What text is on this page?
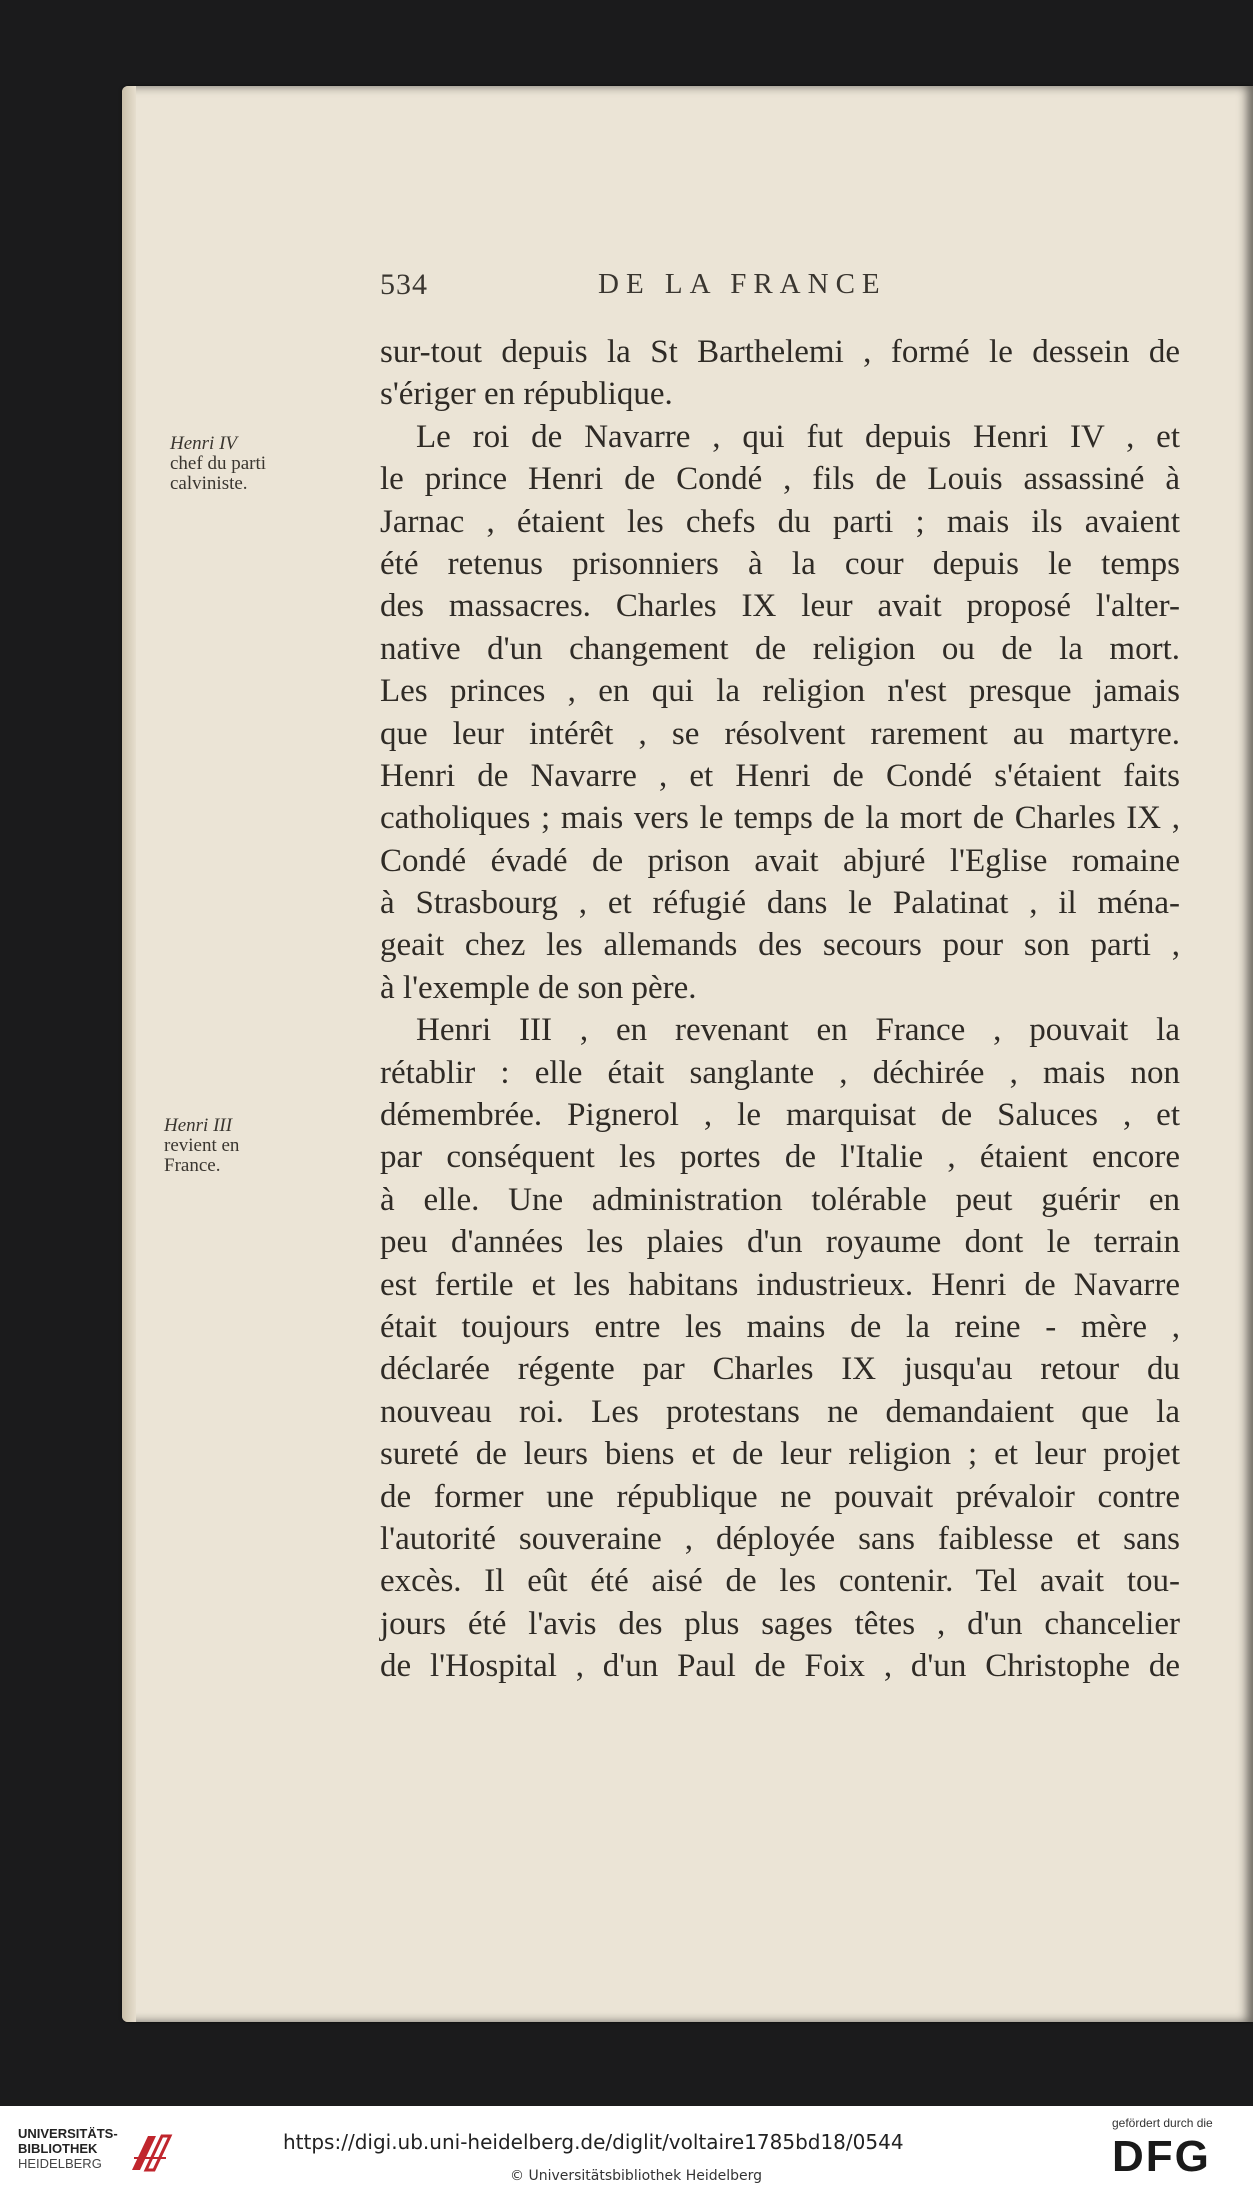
534	DE LA FRANCE
Henri IV
chef du parti
calviniste.
Henri III
revient en
France.
sur-tout depuis la St Barthelemi , formé le dessein de
s'ériger en république.
Le roi de Navarre , qui fut depuis Henri IV , et
le prince Henri de Condé , fils de Louis assassiné à
Jarnac , étaient les chefs du parti ; mais ils avaient
été retenus prisonniers à la cour depuis le temps
des massacres. Charles IX leur avait proposé l'alter-
native d'un changement de religion ou de la mort.
Les princes , en qui la religion n'est presque jamais
que leur intérêt , se résolvent rarement au martyre.
Henri de Navarre , et Henri de Condé s'étaient faits
catholiques ; mais vers le temps de la mort de Charles IX ,
Condé évadé de prison avait abjuré l'Eglise romaine
à Strasbourg , et réfugié dans le Palatinat , il ména-
geait chez les allemands des secours pour son parti ,
à l'exemple de son père.
Henri III , en revenant en France , pouvait la
rétablir : elle était sanglante , déchirée , mais non
démembrée. Pignerol , le marquisat de Saluces , et
par conséquent les portes de l'Italie , étaient encore
à elle. Une administration tolérable peut guérir en
peu d'années les plaies d'un royaume dont le terrain
est fertile et les habitans industrieux. Henri de Navarre
était toujours entre les mains de la reine - mère ,
déclarée régente par Charles IX jusqu'au retour du
nouveau roi. Les protestans ne demandaient que la
sureté de leurs biens et de leur religion ; et leur projet
de former une république ne pouvait prévaloir contre
l'autorité souveraine , déployée sans faiblesse et sans
excès. Il eût été aisé de les contenir. Tel avait tou-
jours été l'avis des plus sages têtes , d'un chancelier
de l'Hospital , d'un Paul de Foix , d'un Christophe de
UNIVERSITÄTS-
BIBLIOTHEK
HEIDELBERG
https://digi.ub.uni-heidelberg.de/diglit/voltaire1785bd18/0544
© Universitätsbibliothek Heidelberg
gefördert durch die
DFG
